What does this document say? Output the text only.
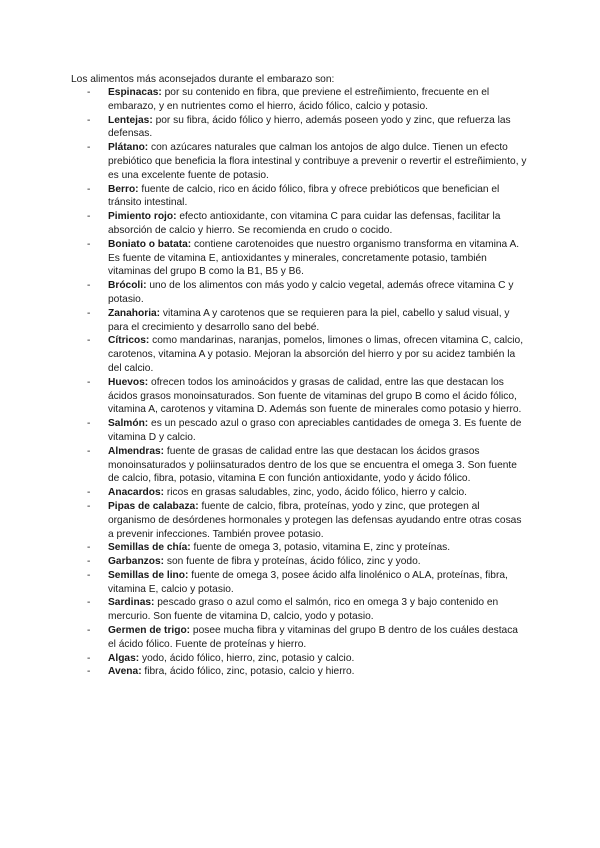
Los alimentos más aconsejados durante el embarazo son:

- Espinacas: por su contenido en fibra, que previene el estreñimiento, frecuente en el embarazo, y en nutrientes como el hierro, ácido fólico, calcio y potasio.
- Lentejas: por su fibra, ácido fólico y hierro, además poseen yodo y zinc, que refuerza las defensas.
- Plátano: con azúcares naturales que calman los antojos de algo dulce. Tienen un efecto prebiótico que beneficia la flora intestinal y contribuye a prevenir o revertir el estreñimiento, y es una excelente fuente de potasio.
- Berro: fuente de calcio, rico en ácido fólico, fibra y ofrece prebióticos que benefician el tránsito intestinal.
- Pimiento rojo: efecto antioxidante, con vitamina C para cuidar las defensas, facilitar la absorción de calcio y hierro. Se recomienda en crudo o cocido.
- Boniato o batata: contiene carotenoides que nuestro organismo transforma en vitamina A. Es fuente de vitamina E, antioxidantes y minerales, concretamente potasio, también vitaminas del grupo B como la B1, B5 y B6.
- Brócoli: uno de los alimentos con más yodo y calcio vegetal, además ofrece vitamina C y potasio.
- Zanahoria: vitamina A y carotenos que se requieren para la piel, cabello y salud visual, y para el crecimiento y desarrollo sano del bebé.
- Cítricos: como mandarinas, naranjas, pomelos, limones o limas, ofrecen vitamina C, calcio, carotenos, vitamina A y potasio. Mejoran la absorción del hierro y por su acidez también la del calcio.
- Huevos: ofrecen todos los aminoácidos y grasas de calidad, entre las que destacan los ácidos grasos monoinsaturados. Son fuente de vitaminas del grupo B como el ácido fólico, vitamina A, carotenos y vitamina D. Además son fuente de minerales como potasio y hierro.
- Salmón: es un pescado azul o graso con apreciables cantidades de omega 3. Es fuente de vitamina D y calcio.
- Almendras: fuente de grasas de calidad entre las que destacan los ácidos grasos monoinsaturados y poliinsaturados dentro de los que se encuentra el omega 3. Son fuente de calcio, fibra, potasio, vitamina E con función antioxidante, yodo y ácido fólico.
- Anacardos: ricos en grasas saludables, zinc, yodo, ácido fólico, hierro y calcio.
- Pipas de calabaza: fuente de calcio, fibra, proteínas, yodo y zinc, que protegen al organismo de desórdenes hormonales y protegen las defensas ayudando entre otras cosas a prevenir infecciones. También provee potasio.
- Semillas de chía: fuente de omega 3, potasio, vitamina E, zinc y proteínas.
- Garbanzos: son fuente de fibra y proteínas, ácido fólico, zinc y yodo.
- Semillas de lino: fuente de omega 3, posee ácido alfa linolénico o ALA, proteínas, fibra, vitamina E, calcio y potasio.
- Sardinas: pescado graso o azul como el salmón, rico en omega 3 y bajo contenido en mercurio. Son fuente de vitamina D, calcio, yodo y potasio.
- Germen de trigo: posee mucha fibra y vitaminas del grupo B dentro de los cuáles destaca el ácido fólico. Fuente de proteínas y hierro.
- Algas: yodo, ácido fólico, hierro, zinc, potasio y calcio.
- Avena: fibra, ácido fólico, zinc, potasio, calcio y hierro.
